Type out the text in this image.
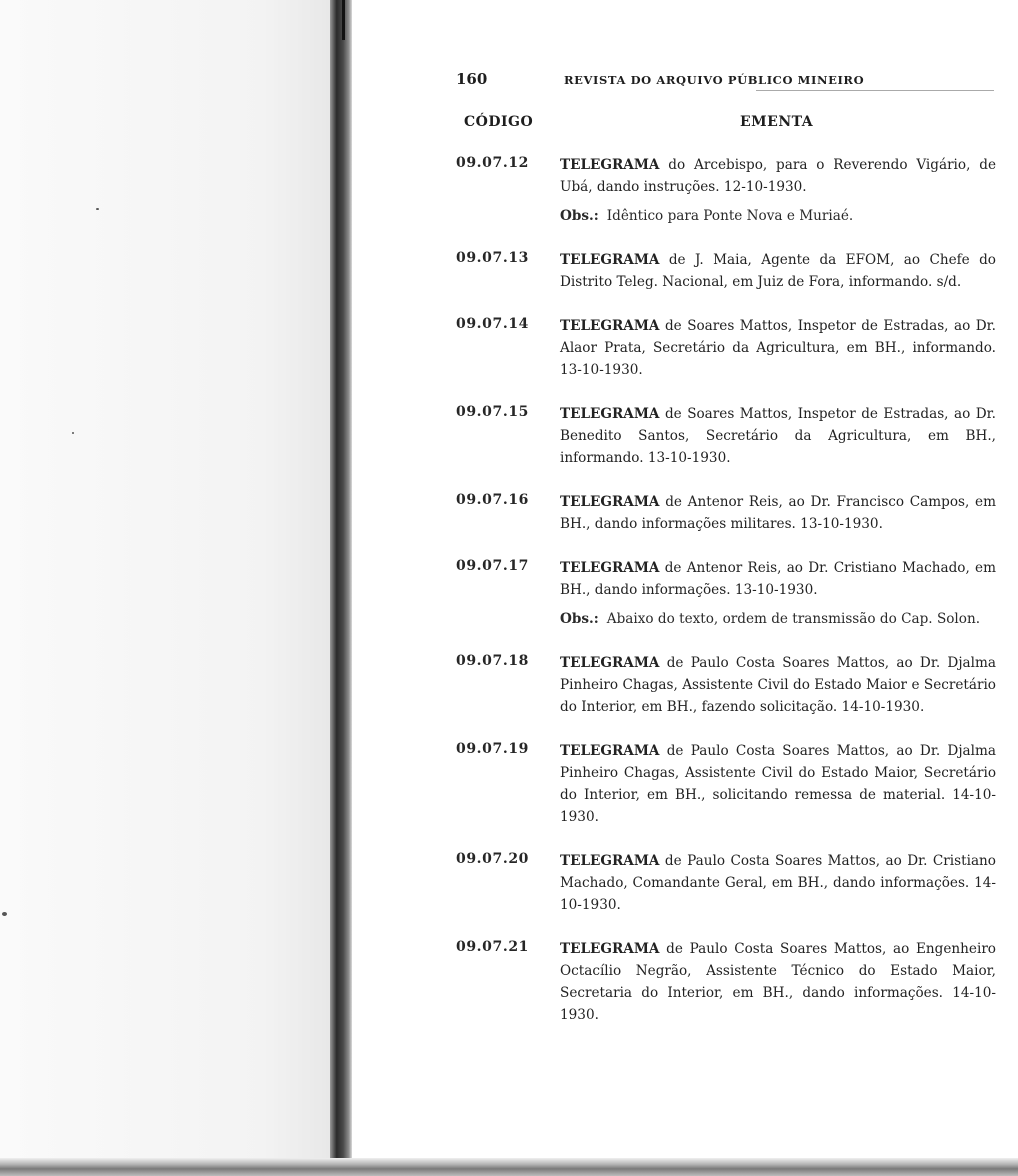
160	REVISTA DO ARQUIVO PÚBLICO MINEIRO
CÓDIGO	EMENTA
09.07.12	TELEGRAMA do Arcebispo, para o Reverendo Vigário, de Ubá, dando instruções. 12-10-1930.
Obs.: Idêntico para Ponte Nova e Muriaé.
09.07.13	TELEGRAMA de J. Maia, Agente da EFOM, ao Chefe do Distrito Teleg. Nacional, em Juiz de Fora, informando. s/d.
09.07.14	TELEGRAMA de Soares Mattos, Inspetor de Estradas, ao Dr. Alaor Prata, Secretário da Agricultura, em BH., informando. 13-10-1930.
09.07.15	TELEGRAMA de Soares Mattos, Inspetor de Estradas, ao Dr. Benedito Santos, Secretário da Agricultura, em BH., informando. 13-10-1930.
09.07.16	TELEGRAMA de Antenor Reis, ao Dr. Francisco Campos, em BH., dando informações militares. 13-10-1930.
09.07.17	TELEGRAMA de Antenor Reis, ao Dr. Cristiano Machado, em BH., dando informações. 13-10-1930.
Obs.: Abaixo do texto, ordem de transmissão do Cap. Solon.
09.07.18	TELEGRAMA de Paulo Costa Soares Mattos, ao Dr. Djalma Pinheiro Chagas, Assistente Civil do Estado Maior e Secretário do Interior, em BH., fazendo solicitação. 14-10-1930.
09.07.19	TELEGRAMA de Paulo Costa Soares Mattos, ao Dr. Djalma Pinheiro Chagas, Assistente Civil do Estado Maior, Secretário do Interior, em BH., solicitando remessa de material. 14-10-1930.
09.07.20	TELEGRAMA de Paulo Costa Soares Mattos, ao Dr. Cristiano Machado, Comandante Geral, em BH., dando informações. 14-10-1930.
09.07.21	TELEGRAMA de Paulo Costa Soares Mattos, ao Engenheiro Octacílio Negrão, Assistente Técnico do Estado Maior, Secretaria do Interior, em BH., dando informações. 14-10-1930.
